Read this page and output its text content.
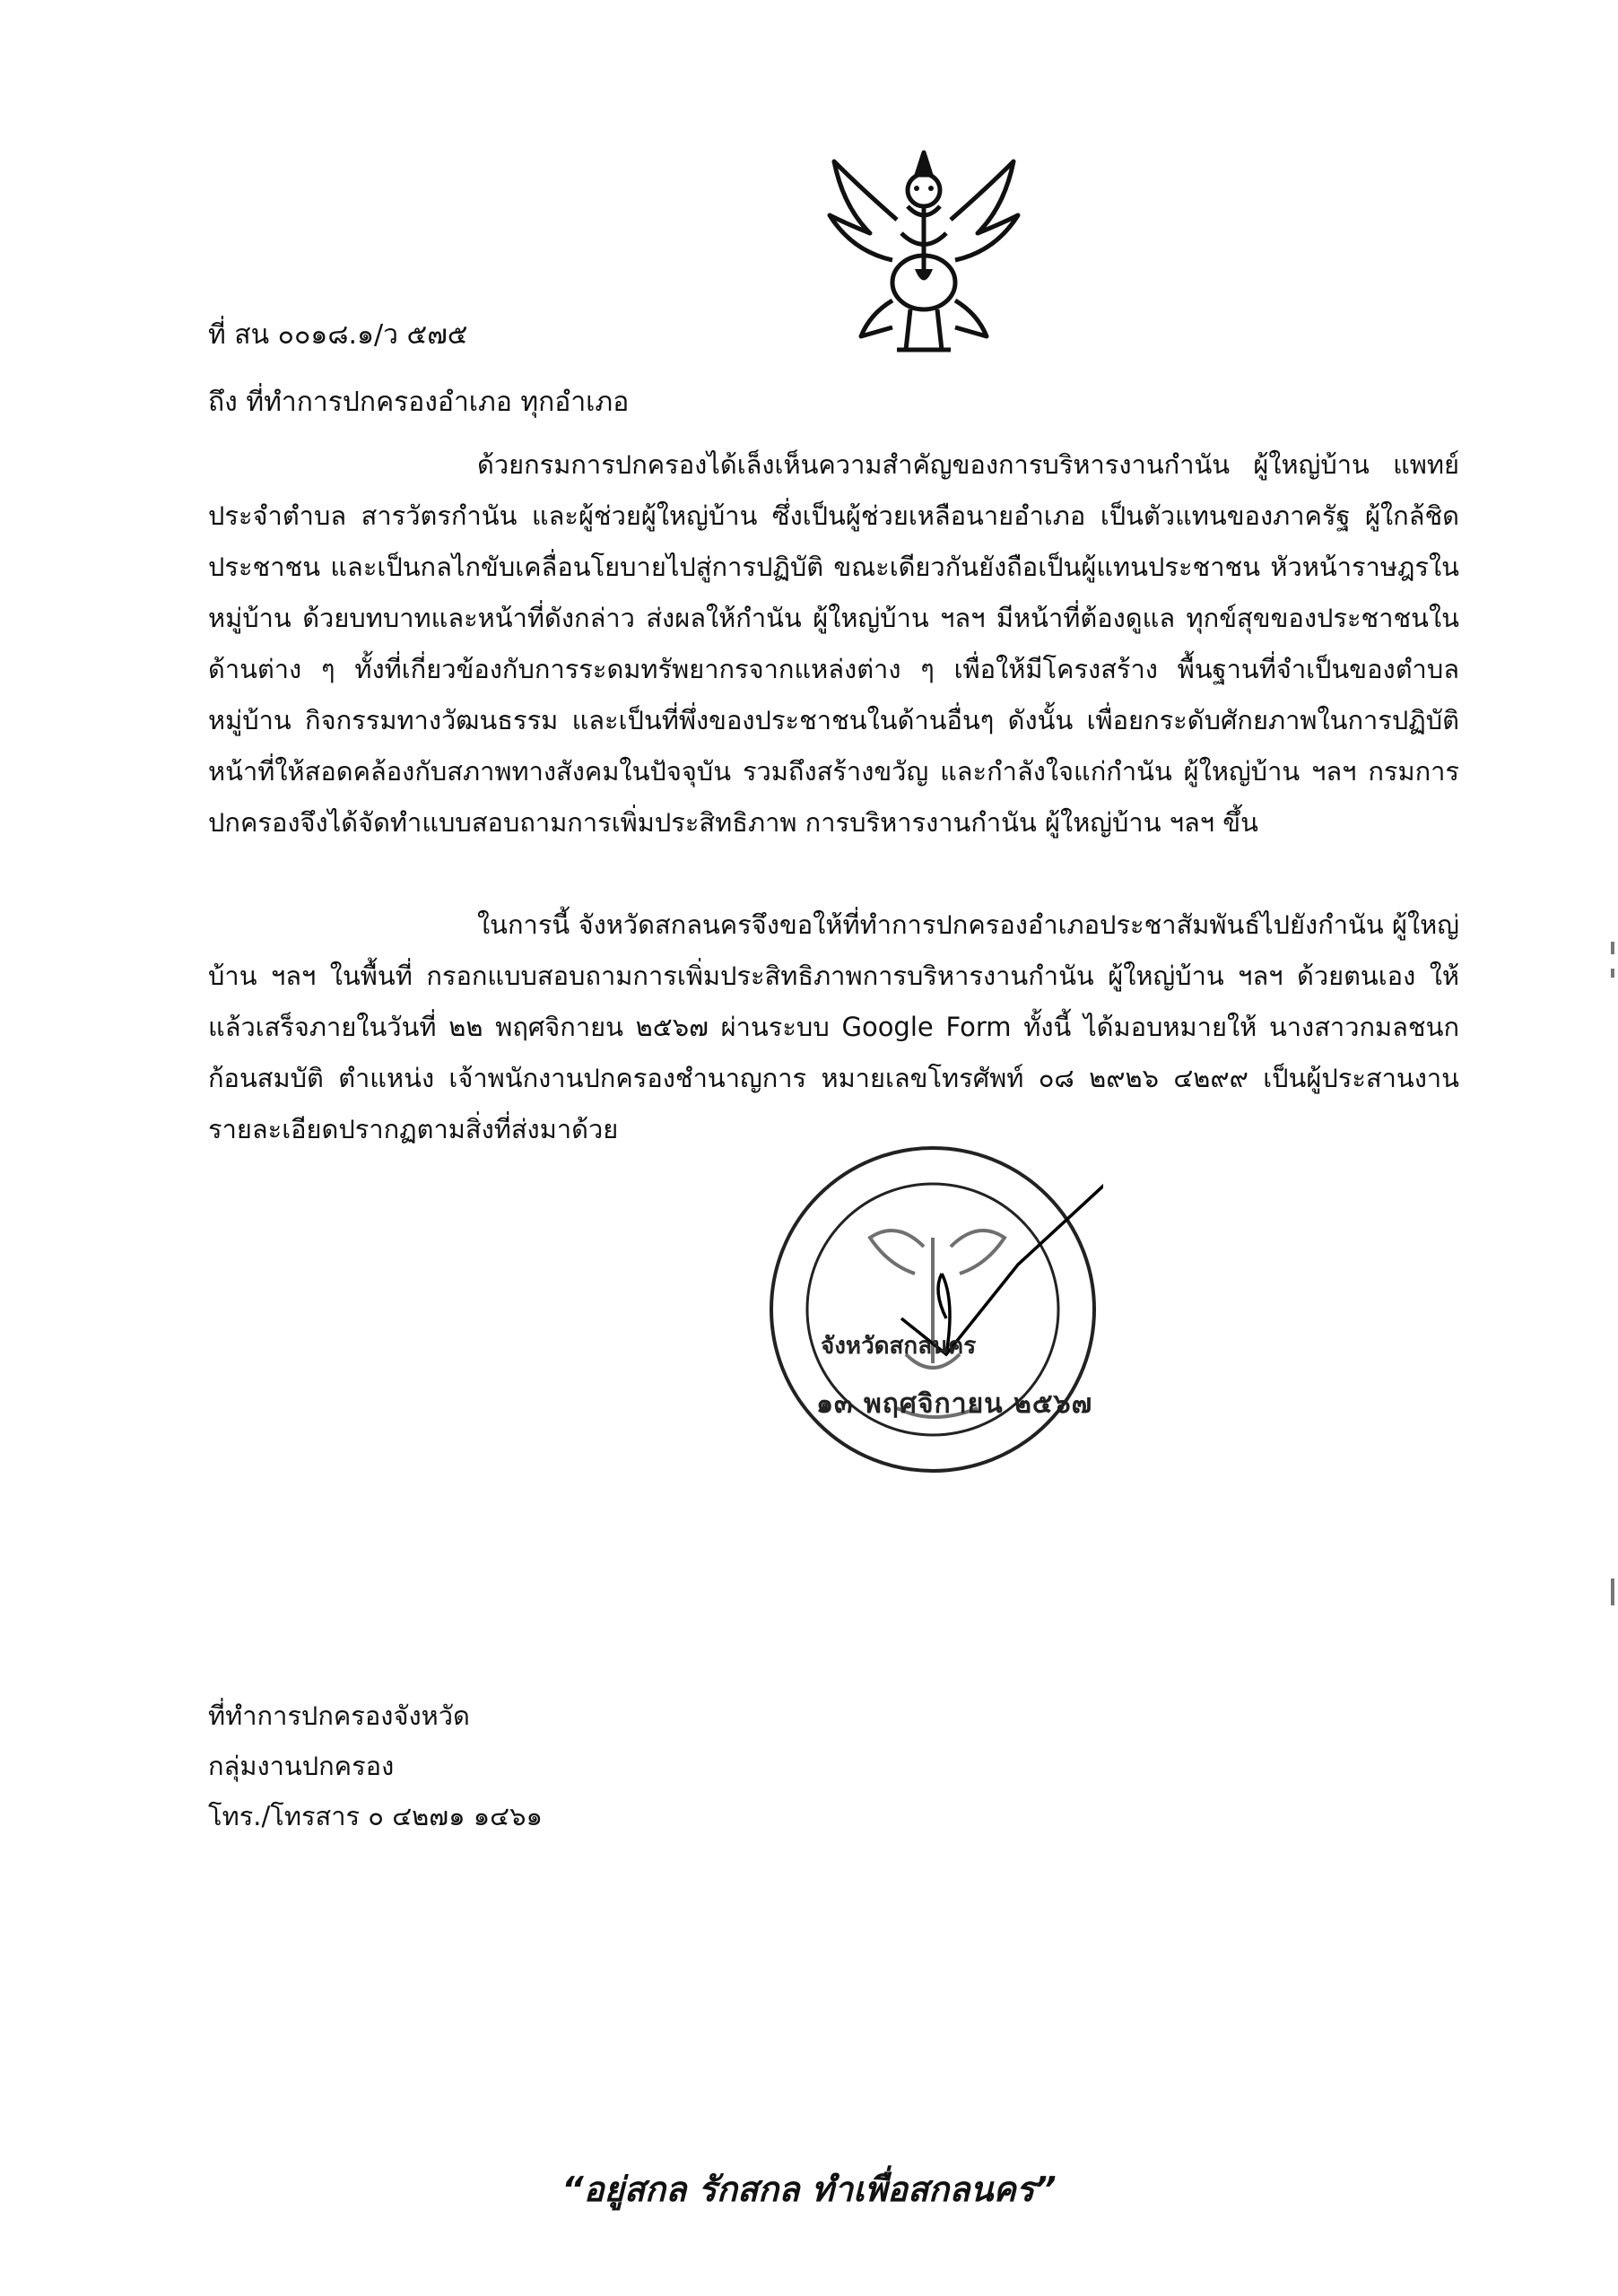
ที่ สน ๐๐๑๘.๑/ว ๕๗๕
ถึง ที่ทำการปกครองอำเภอ ทุกอำเภอ
ด้วยกรมการปกครองได้เล็งเห็นความสำคัญของการบริหารงานกำนัน ผู้ใหญ่บ้าน แพทย์ประจำตำบล สารวัตรกำนัน และผู้ช่วยผู้ใหญ่บ้าน ซึ่งเป็นผู้ช่วยเหลือนายอำเภอ เป็นตัวแทนของภาครัฐ ผู้ใกล้ชิดประชาชน และเป็นกลไกขับเคลื่อนโยบายไปสู่การปฏิบัติ ขณะเดียวกันยังถือเป็นผู้แทนประชาชน หัวหน้าราษฎรในหมู่บ้าน ด้วยบทบาทและหน้าที่ดังกล่าว ส่งผลให้กำนัน ผู้ใหญ่บ้าน ฯลฯ มีหน้าที่ต้องดูแล ทุกข์สุขของประชาชนในด้านต่าง ๆ ทั้งที่เกี่ยวข้องกับการระดมทรัพยากรจากแหล่งต่าง ๆ เพื่อให้มีโครงสร้าง พื้นฐานที่จำเป็นของตำบล หมู่บ้าน กิจกรรมทางวัฒนธรรม และเป็นที่พึ่งของประชาชนในด้านอื่นๆ ดังนั้น เพื่อยกระดับศักยภาพในการปฏิบัติหน้าที่ให้สอดคล้องกับสภาพทางสังคมในปัจจุบัน รวมถึงสร้างขวัญ และกำลังใจแก่กำนัน ผู้ใหญ่บ้าน ฯลฯ กรมการปกครองจึงได้จัดทำแบบสอบถามการเพิ่มประสิทธิภาพ การบริหารงานกำนัน ผู้ใหญ่บ้าน ฯลฯ ขึ้น
ในการนี้ จังหวัดสกลนครจึงขอให้ที่ทำการปกครองอำเภอประชาสัมพันธ์ไปยังกำนัน ผู้ใหญ่บ้าน ฯลฯ ในพื้นที่ กรอกแบบสอบถามการเพิ่มประสิทธิภาพการบริหารงานกำนัน ผู้ใหญ่บ้าน ฯลฯ ด้วยตนเอง ให้แล้วเสร็จภายในวันที่ ๒๒ พฤศจิกายน ๒๕๖๗ ผ่านระบบ Google Form ทั้งนี้ ได้มอบหมายให้ นางสาวกมลชนก ก้อนสมบัติ ตำแหน่ง เจ้าพนักงานปกครองชำนาญการ หมายเลขโทรศัพท์ ๐๘ ๒๙๒๖ ๔๒๙๙ เป็นผู้ประสานงาน รายละเอียดปรากฏตามสิ่งที่ส่งมาด้วย
จังหวัดสกลนคร
๑๓ พฤศจิกายน ๒๕๖๗
ที่ทำการปกครองจังหวัด
กลุ่มงานปกครอง
โทร./โทรสาร ๐ ๔๒๗๑ ๑๔๖๑
“อยู่สกล รักสกล ทำเพื่อสกลนคร”
